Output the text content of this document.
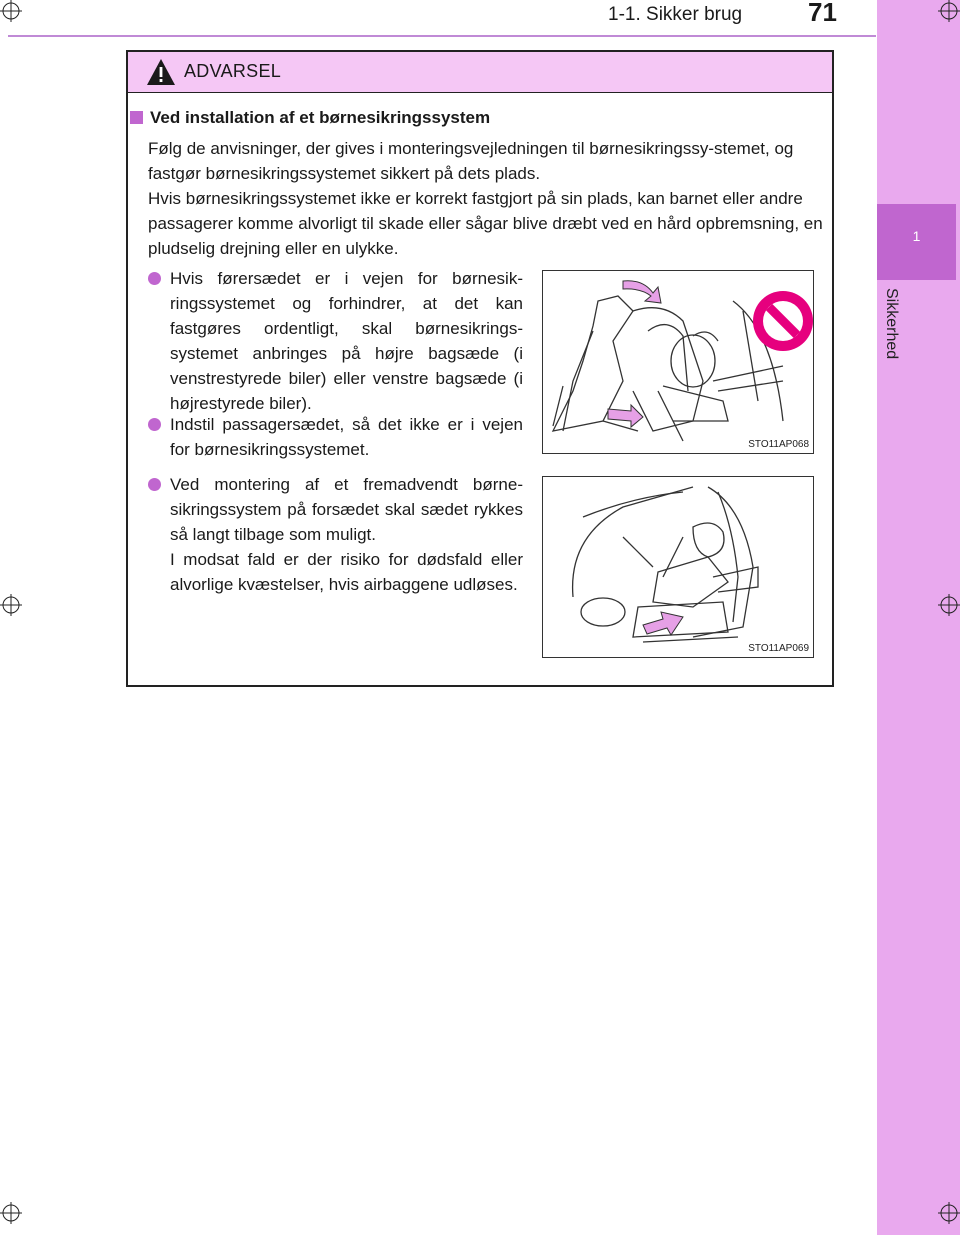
1-1. Sikker brug	71
1
Sikkerhed
ADVARSEL
Ved installation af et børnesikringssystem

Følg de anvisninger, der gives i monteringsvejledningen til børnesikringssy-stemet, og fastgør børnesikringssystemet sikkert på dets plads.

Hvis børnesikringssystemet ikke er korrekt fastgjort på sin plads, kan barnet eller andre passagerer komme alvorligt til skade eller sågar blive dræbt ved en hård opbremsning, en pludselig drejning eller en ulykke.

Hvis førersædet er i vejen for børnesik-ringssystemet og forhindrer, at det kan fastgøres ordentligt, skal børnesikrings-systemet anbringes på højre bagsæde (i venstrestyrede biler) eller venstre bagsæde (i højrestyrede biler).

Indstil passagersædet, så det ikke er i vejen for børnesikringssystemet.

Ved montering af et fremadvendt børne-sikringssystem på forsædet skal sædet rykkes så langt tilbage som muligt.

I modsat fald er der risiko for dødsfald eller alvorlige kvæstelser, hvis airbaggene udløses.

STO11AP068
STO11AP069
